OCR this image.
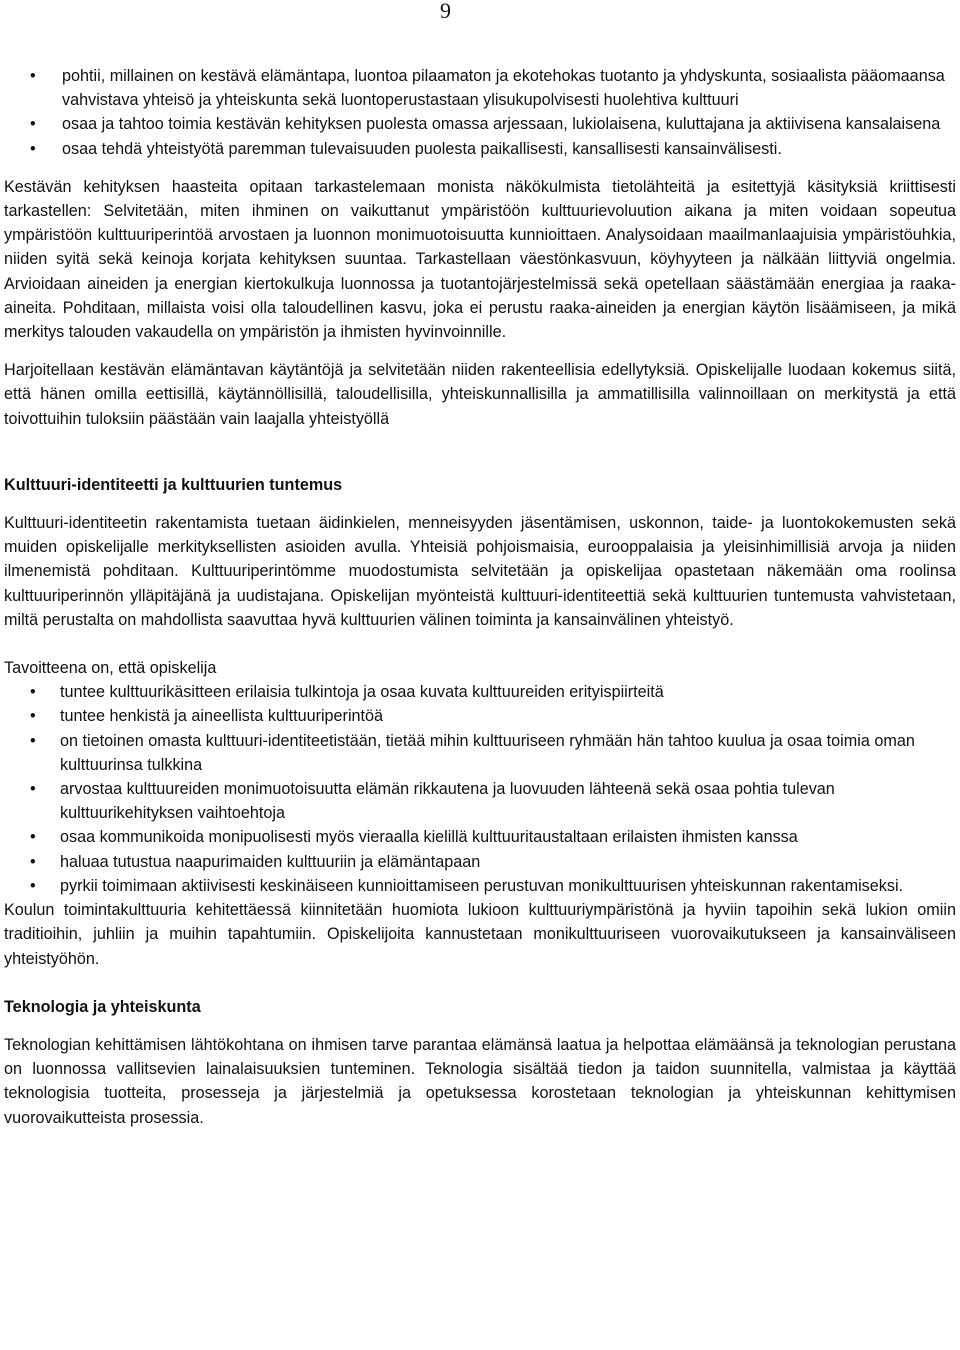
9
• pohtii, millainen on kestävä elämäntapa, luontoa pilaamaton ja ekotehokas tuotanto ja yhdyskunta, sosiaalista pääomaansa vahvistava yhteisö ja yhteiskunta sekä luontoperustastaan ylisukupolvisesti huolehtiva kulttuuri
• osaa ja tahtoo toimia kestävän kehityksen puolesta omassa arjessaan, lukiolaisena, kuluttajana ja aktiivisena kansalaisena
• osaa tehdä yhteistyötä paremman tulevaisuuden puolesta paikallisesti, kansallisesti kansainvälisesti.

Kestävän kehityksen haasteita opitaan tarkastelemaan monista näkökulmista tietolähteitä ja esitettyjä käsityksiä kriittisesti tarkastellen: Selvitetään, miten ihminen on vaikuttanut ympäristöön kulttuurievoluution aikana ja miten voidaan sopeutua ympäristöön kulttuuriperintöä arvostaen ja luonnon monimuotoisuutta kunnioittaen. Analysoidaan maailmanlaajuisia ympäristöuhkia, niiden syitä sekä keinoja korjata kehityksen suuntaa. Tarkastellaan väestönkasvuun, köyhyyteen ja nälkään liittyviä ongelmia. Arvioidaan aineiden ja energian kiertokulkuja luonnossa ja tuotantojärjestelmissä sekä opetellaan säästämään energiaa ja raaka-aineita. Pohditaan, millaista voisi olla taloudellinen kasvu, joka ei perustu raaka-aineiden ja energian käytön lisäämiseen, ja mikä merkitys talouden vakaudella on ympäristön ja ihmisten hyvinvoinnille.

Harjoitellaan kestävän elämäntavan käytäntöjä ja selvitetään niiden rakenteellisia edellytyksiä. Opiskelijalle luodaan kokemus siitä, että hänen omilla eettisillä, käytännöllisillä, taloudellisilla, yhteiskunnallisilla ja ammatillisilla valinnoillaan on merkitystä ja että toivottuihin tuloksiin päästään vain laajalla yhteistyöllä

Kulttuuri-identiteetti ja kulttuurien tuntemus

Kulttuuri-identiteetin rakentamista tuetaan äidinkielen, menneisyyden jäsentämisen, uskonnon, taide- ja luontokokemusten sekä muiden opiskelijalle merkityksellisten asioiden avulla. Yhteisiä pohjoismaisia, eurooppalaisia ja yleisinhimillisiä arvoja ja niiden ilmenemistä pohditaan. Kulttuuriperintömme muodostumista selvitetään ja opiskelijaa opastetaan näkemään oma roolinsa kulttuuriperinnön ylläpitäjänä ja uudistajana. Opiskelijan myönteistä kulttuuri-identiteettiä sekä kulttuurien tuntemusta vahvistetaan, miltä perustalta on mahdollista saavuttaa hyvä kulttuurien välinen toiminta ja kansainvälinen yhteistyö.

Tavoitteena on, että opiskelija

• tuntee kulttuurikäsitteen erilaisia tulkintoja ja osaa kuvata kulttuureiden erityispiirteitä
• tuntee henkistä ja aineellista kulttuuriperintöä
• on tietoinen omasta kulttuuri-identiteetistään, tietää mihin kulttuuriseen ryhmään hän tahtoo kuulua ja osaa toimia oman kulttuurinsa tulkkina
• arvostaa kulttuureiden monimuotoisuutta elämän rikkautena ja luovuuden lähteenä sekä osaa pohtia tulevan kulttuurikehityksen vaihtoehtoja
• osaa kommunikoida monipuolisesti myös vieraalla kielillä kulttuuritaustaltaan erilaisten ihmisten kanssa
• haluaa tutustua naapurimaiden kulttuuriin ja elämäntapaan
• pyrkii toimimaan aktiivisesti keskinäiseen kunnioittamiseen perustuvan monikulttuurisen yhteiskunnan rakentamiseksi.

Koulun toimintakulttuuria kehitettäessä kiinnitetään huomiota lukioon kulttuuriympäristönä ja hyviin tapoihin sekä lukion omiin traditioihin, juhliin ja muihin tapahtumiin. Opiskelijoita kannustetaan monikulttuuriseen vuorovaikutukseen ja kansainväliseen yhteistyöhön.

Teknologia ja yhteiskunta

Teknologian kehittämisen lähtökohtana on ihmisen tarve parantaa elämänsä laatua ja helpottaa elämäänsä ja teknologian perustana on luonnossa vallitsevien lainalaisuuksien tunteminen. Teknologia sisältää tiedon ja taidon suunnitella, valmistaa ja käyttää teknologisia tuotteita, prosesseja ja järjestelmiä ja opetuksessa korostetaan teknologian ja yhteiskunnan kehittymisen vuorovaikutteista prosessia.
